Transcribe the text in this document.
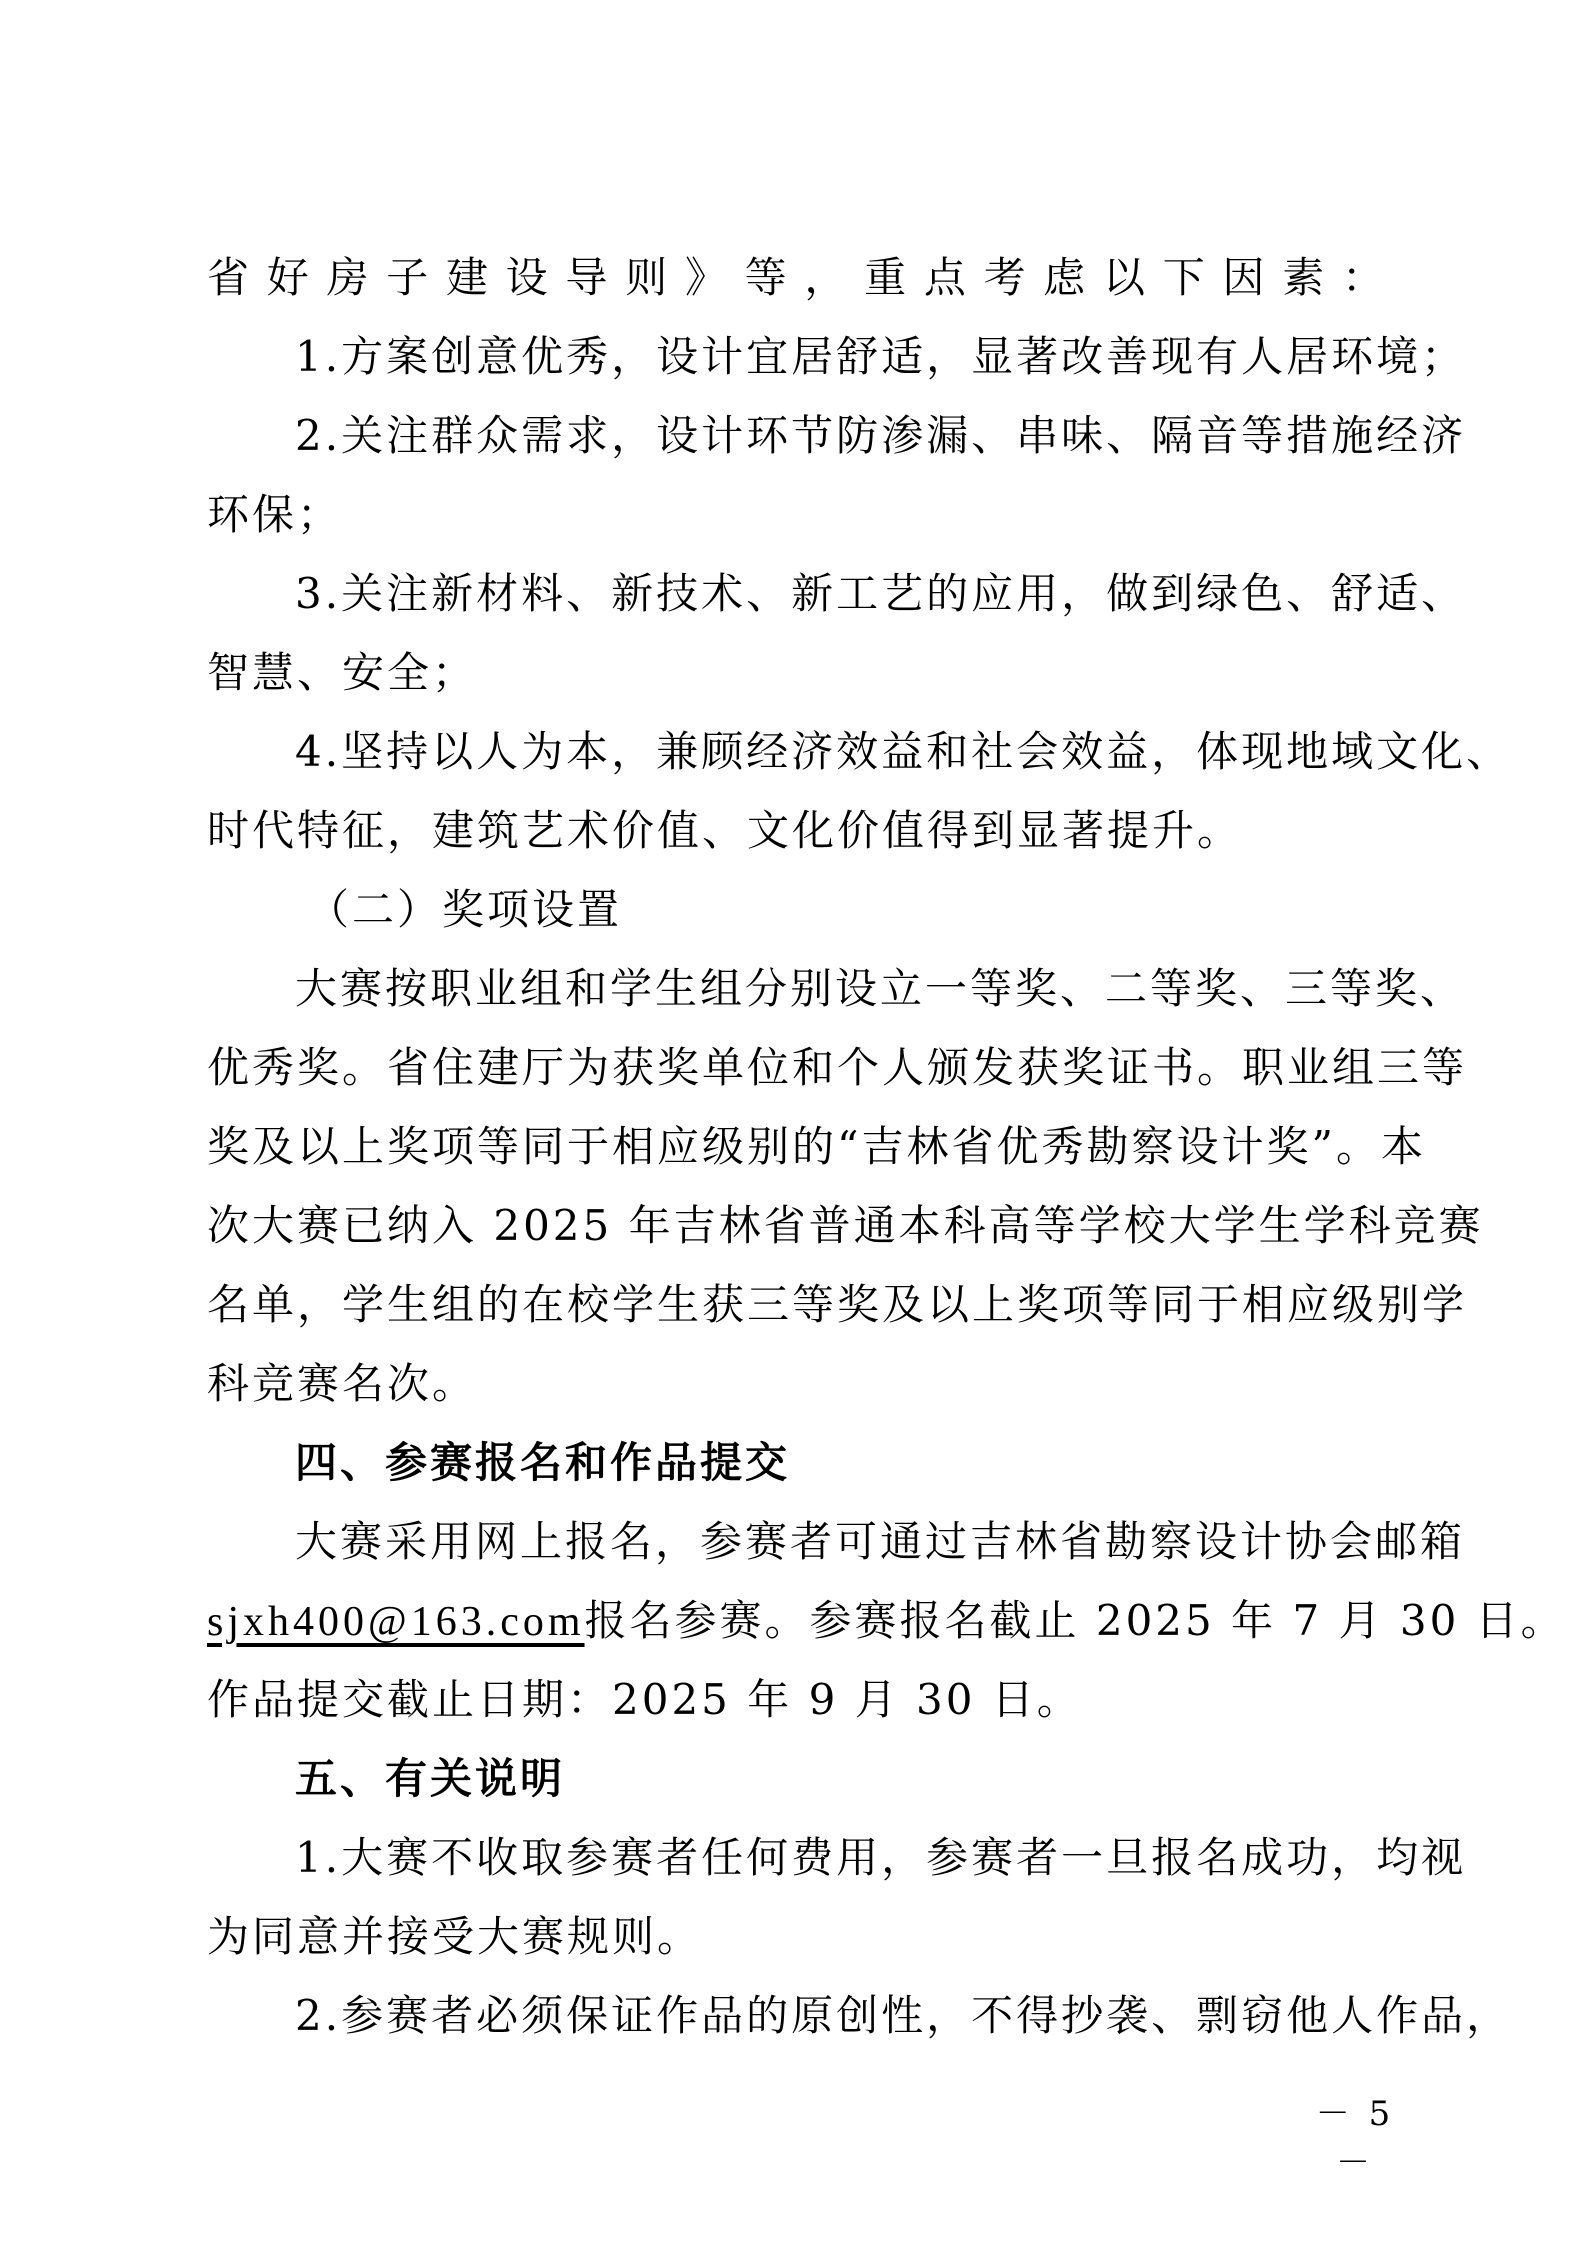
省好房子建设导则》等，重点考虑以下因素：
1.方案创意优秀，设计宜居舒适，显著改善现有人居环境；
2.关注群众需求，设计环节防渗漏、串味、隔音等措施经济
环保；
3.关注新材料、新技术、新工艺的应用，做到绿色、舒适、
智慧、安全；
4.坚持以人为本，兼顾经济效益和社会效益，体现地域文化、
时代特征，建筑艺术价值、文化价值得到显著提升。
（二）奖项设置
大赛按职业组和学生组分别设立一等奖、二等奖、三等奖、
优秀奖。省住建厅为获奖单位和个人颁发获奖证书。职业组三等
奖及以上奖项等同于相应级别的“吉林省优秀勘察设计奖”。本
次大赛已纳入 2025 年吉林省普通本科高等学校大学生学科竞赛
名单，学生组的在校学生获三等奖及以上奖项等同于相应级别学
科竞赛名次。
四、参赛报名和作品提交
大赛采用网上报名，参赛者可通过吉林省勘察设计协会邮箱
sjxh400@163.com报名参赛。参赛报名截止 2025 年 7 月 30 日。
作品提交截止日期：2025 年 9 月 30 日。
五、有关说明
1.大赛不收取参赛者任何费用，参赛者一旦报名成功，均视
为同意并接受大赛规则。
2.参赛者必须保证作品的原创性，不得抄袭、剽窃他人作品，
－ 5 －
